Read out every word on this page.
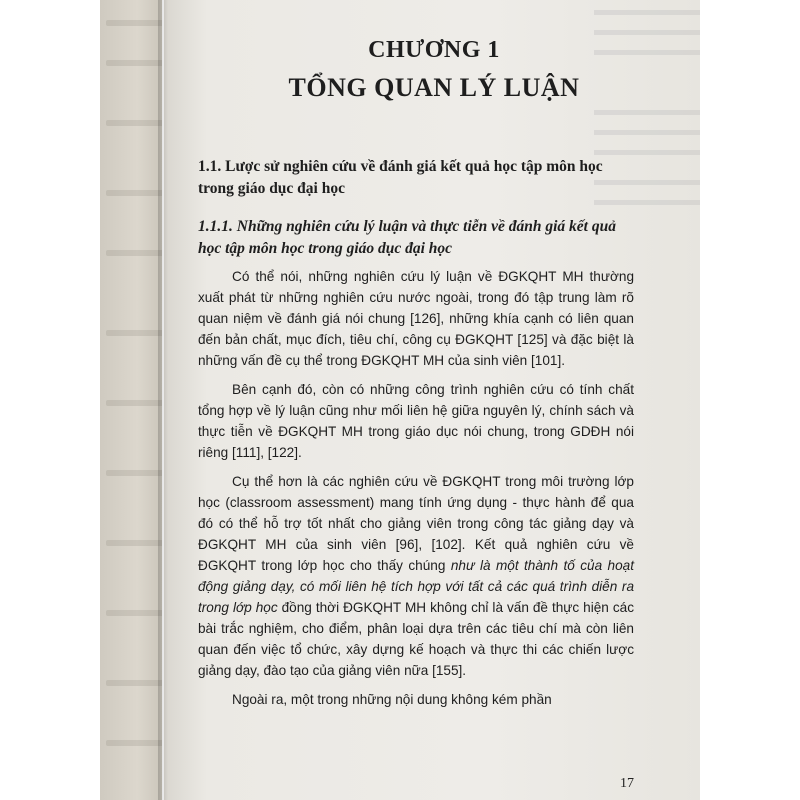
CHƯƠNG 1
TỔNG QUAN LÝ LUẬN

1.1. Lược sử nghiên cứu về đánh giá kết quả học tập môn học trong giáo dục đại học

1.1.1. Những nghiên cứu lý luận và thực tiễn về đánh giá kết quả học tập môn học trong giáo dục đại học

Có thể nói, những nghiên cứu lý luận về ĐGKQHT MH thường xuất phát từ những nghiên cứu nước ngoài, trong đó tập trung làm rõ quan niệm về đánh giá nói chung [126], những khía cạnh có liên quan đến bản chất, mục đích, tiêu chí, công cụ ĐGKQHT [125] và đặc biệt là những vấn đề cụ thể trong ĐGKQHT MH của sinh viên [101].

Bên cạnh đó, còn có những công trình nghiên cứu có tính chất tổng hợp về lý luận cũng như mối liên hệ giữa nguyên lý, chính sách và thực tiễn về ĐGKQHT MH trong giáo dục nói chung, trong GDĐH nói riêng [111], [122].

Cụ thể hơn là các nghiên cứu về ĐGKQHT trong môi trường lớp học (classroom assessment) mang tính ứng dụng - thực hành để qua đó có thể hỗ trợ tốt nhất cho giảng viên trong công tác giảng dạy và ĐGKQHT MH của sinh viên [96], [102]. Kết quả nghiên cứu về ĐGKQHT trong lớp học cho thấy chúng như là một thành tố của hoạt động giảng dạy, có mối liên hệ tích hợp với tất cả các quá trình diễn ra trong lớp học đồng thời ĐGKQHT MH không chỉ là vấn đề thực hiện các bài trắc nghiệm, cho điểm, phân loại dựa trên các tiêu chí mà còn liên quan đến việc tổ chức, xây dựng kế hoạch và thực thi các chiến lược giảng dạy, đào tạo của giảng viên nữa [155].

Ngoài ra, một trong những nội dung không kém phần

17
